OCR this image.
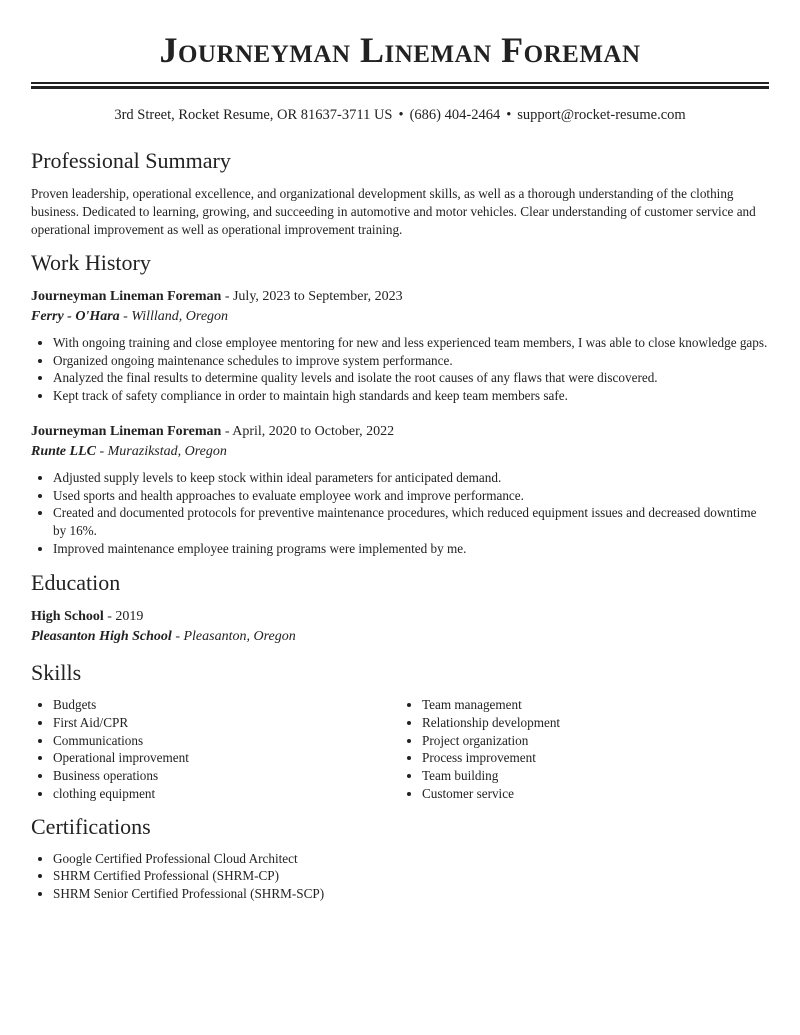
Journeyman Lineman Foreman
3rd Street, Rocket Resume, OR 81637-3711 US • (686) 404-2464 • support@rocket-resume.com
Professional Summary

Proven leadership, operational excellence, and organizational development skills, as well as a thorough understanding of the clothing business. Dedicated to learning, growing, and succeeding in automotive and motor vehicles. Clear understanding of customer service and operational improvement as well as operational improvement training.

Work History
Journeyman Lineman Foreman - July, 2023 to September, 2023
Ferry - O'Hara - Willland, Oregon
• With ongoing training and close employee mentoring for new and less experienced team members, I was able to close knowledge gaps.
• Organized ongoing maintenance schedules to improve system performance.
• Analyzed the final results to determine quality levels and isolate the root causes of any flaws that were discovered.
• Kept track of safety compliance in order to maintain high standards and keep team members safe.
Journeyman Lineman Foreman - April, 2020 to October, 2022
Runte LLC - Murazikstad, Oregon
• Adjusted supply levels to keep stock within ideal parameters for anticipated demand.
• Used sports and health approaches to evaluate employee work and improve performance.
• Created and documented protocols for preventive maintenance procedures, which reduced equipment issues and decreased downtime by 16%.
• Improved maintenance employee training programs were implemented by me.
Education
High School - 2019
Pleasanton High School - Pleasanton, Oregon
Skills
• Budgets
• First Aid/CPR
• Communications
• Operational improvement
• Business operations
• clothing equipment
• Team management
• Relationship development
• Project organization
• Process improvement
• Team building
• Customer service
Certifications
• Google Certified Professional Cloud Architect
• SHRM Certified Professional (SHRM-CP)
• SHRM Senior Certified Professional (SHRM-SCP)
